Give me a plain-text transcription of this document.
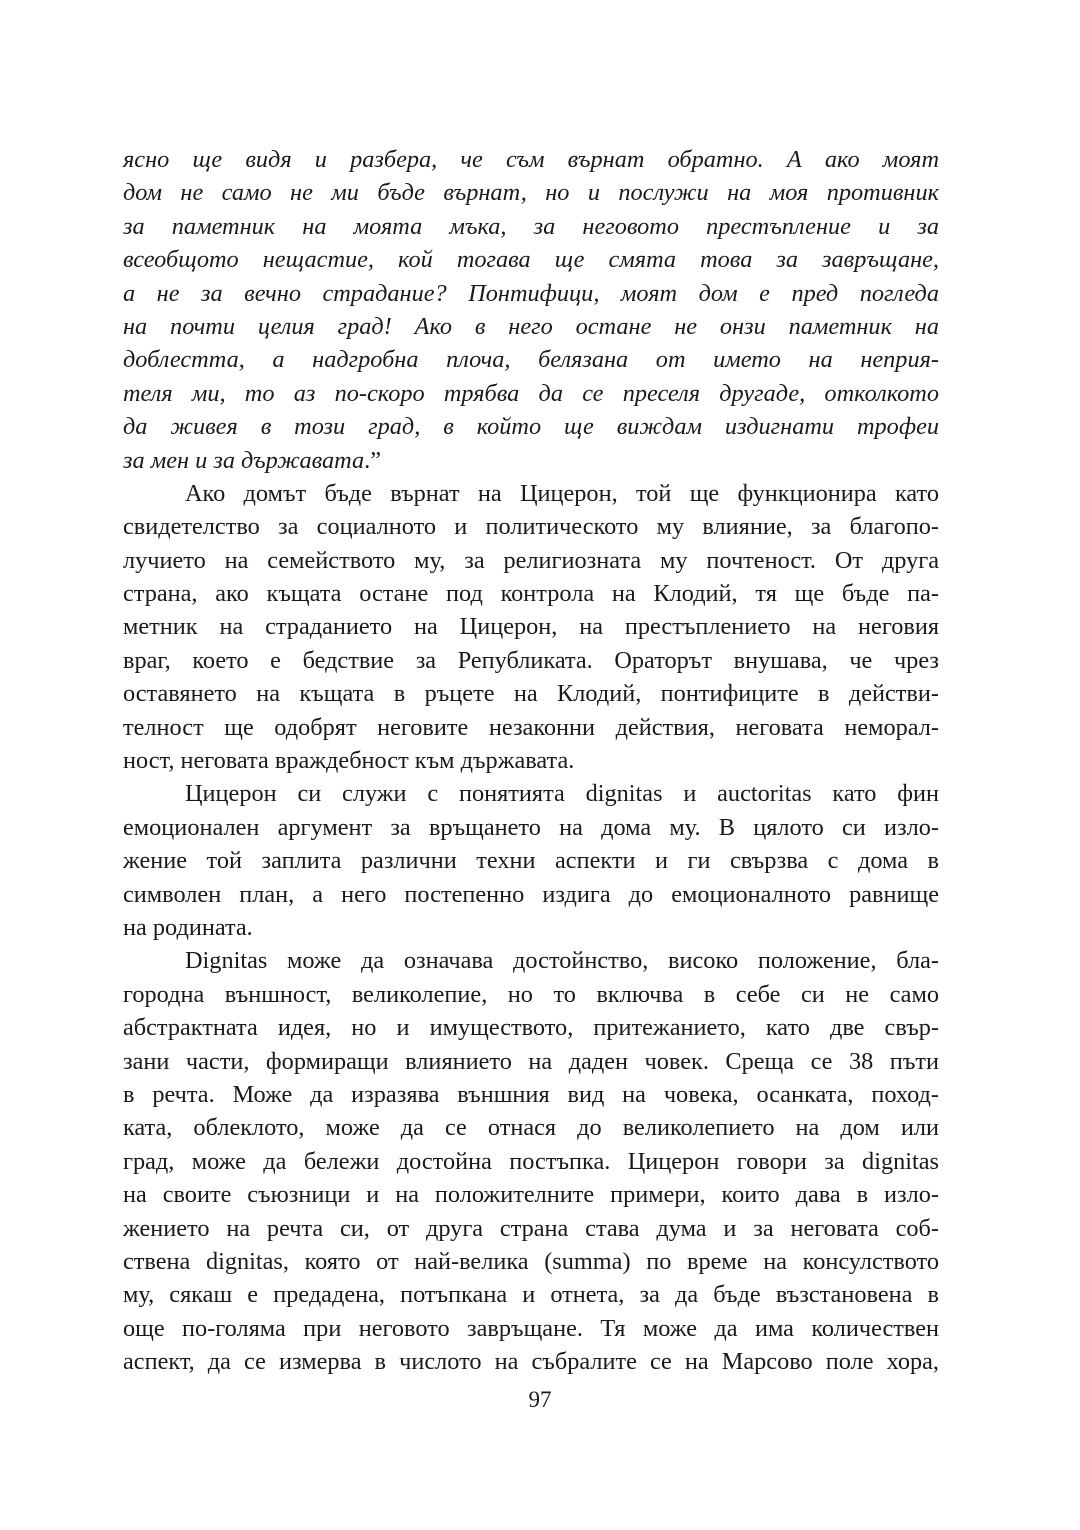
ясно ще видя и разбера, че съм върнат обратно. А ако моят
дом не само не ми бъде върнат, но и послужи на моя противник
за паметник на моята мъка, за неговото престъпление и за
всеобщото нещастие, кой тогава ще смята това за завръщане,
а не за вечно страдание? Понтифици, моят дом е пред погледа
на почти целия град! Ако в него остане не онзи паметник на
доблестта, а надгробна плоча, белязана от името на неприя-
теля ми, то аз по-скоро трябва да се преселя другаде, отколкото
да живея в този град, в който ще виждам издигнати трофеи
за мен и за държавата.”
Ако домът бъде върнат на Цицерон, той ще функционира като
свидетелство за социалното и политическото му влияние, за благопо-
лучието на семейството му, за религиозната му почтеност. От друга
страна, ако къщата остане под контрола на Клодий, тя ще бъде па-
метник на страданието на Цицерон, на престъплението на неговия
враг, което е бедствие за Републиката. Ораторът внушава, че чрез
оставянето на къщата в ръцете на Клодий, понтифиците в действи-
телност ще одобрят неговите незаконни действия, неговата неморал-
ност, неговата враждебност към държавата.
Цицерон си служи с понятията dignitas и auctoritas като фин
емоционален аргумент за връщането на дома му. В цялото си изло-
жение той заплита различни техни аспекти и ги свързва с дома в
символен план, а него постепенно издига до емоционалното равнище
на родината.
Dignitas може да означава достойнство, високо положение, бла-
городна външност, великолепие, но то включва в себе си не само
абстрактната идея, но и имуществото, притежанието, като две свър-
зани части, формиращи влиянието на даден човек. Среща се 38 пъти
в речта. Може да изразява външния вид на човека, осанката, поход-
ката, облеклото, може да се отнася до великолепието на дом или
град, може да бележи достойна постъпка. Цицерон говори за dignitas
на своите съюзници и на положителните примери, които дава в изло-
жението на речта си, от друга страна става дума и за неговата соб-
ствена dignitas, която от най-велика (summa) по време на консулството
му, сякаш е предадена, потъпкана и отнета, за да бъде възстановена в
още по-голяма при неговото завръщане. Тя може да има количествен
аспект, да се измерва в числото на събралите се на Марсово поле хора,
97
